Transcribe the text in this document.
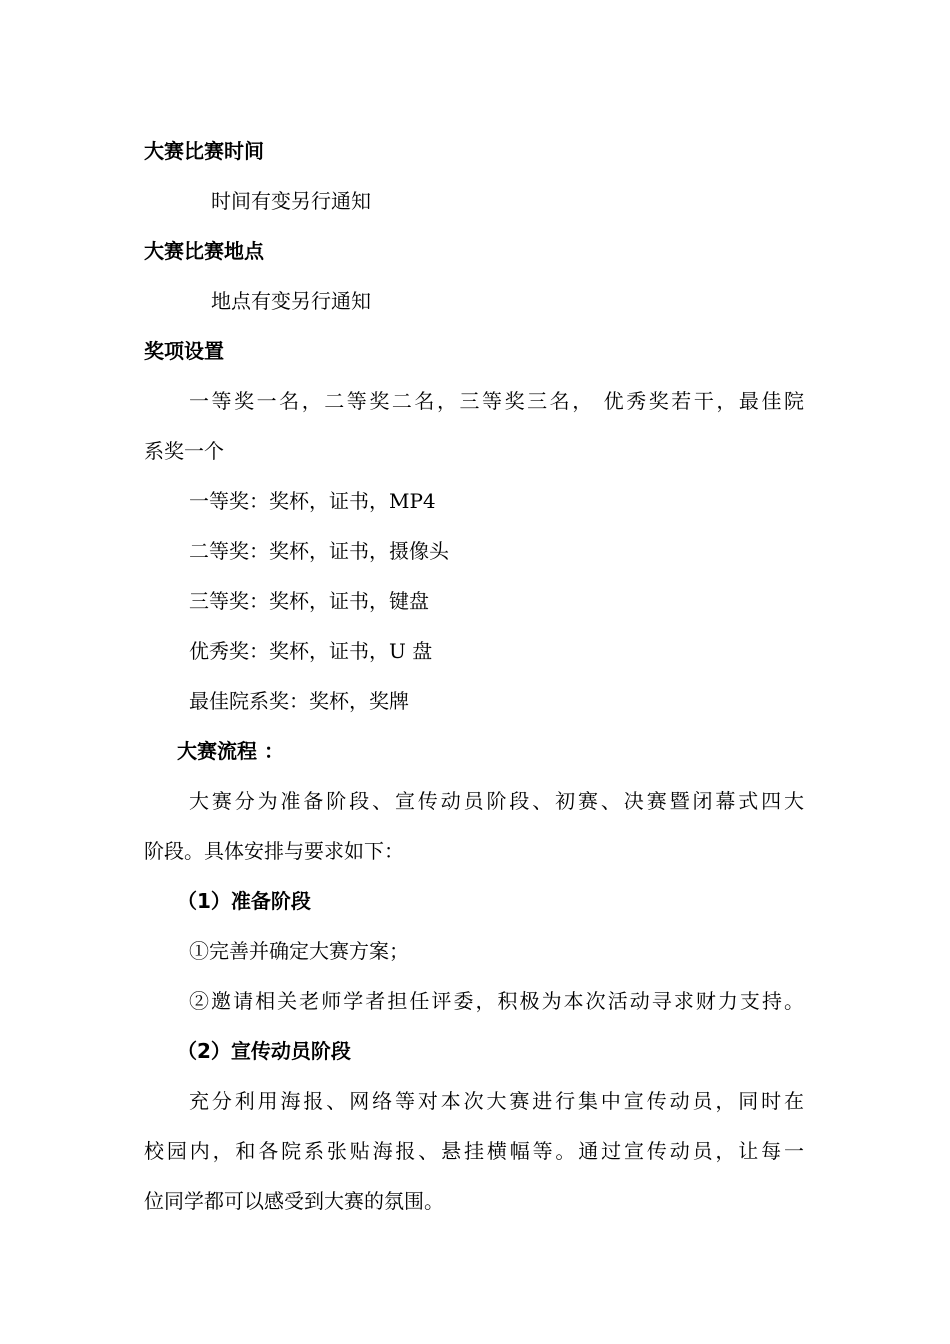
大赛比赛时间
时间有变另行通知
大赛比赛地点
地点有变另行通知
奖项设置
一等奖一名，二等奖二名，三等奖三名， 优秀奖若干，最佳院
系奖一个
一等奖：奖杯，证书，MP4
二等奖：奖杯，证书，摄像头
三等奖：奖杯，证书，键盘
优秀奖：奖杯，证书，U 盘
最佳院系奖：奖杯，奖牌
大赛流程 ：
大赛分为准备阶段、宣传动员阶段、初赛、决赛暨闭幕式四大
阶段。具体安排与要求如下：
（1）准备阶段
①完善并确定大赛方案；
②邀请相关老师学者担任评委，积极为本次活动寻求财力支持。
（2）宣传动员阶段
充分利用海报、网络等对本次大赛进行集中宣传动员，同时在
校园内，和各院系张贴海报、悬挂横幅等。通过宣传动员，让每一
位同学都可以感受到大赛的氛围。
